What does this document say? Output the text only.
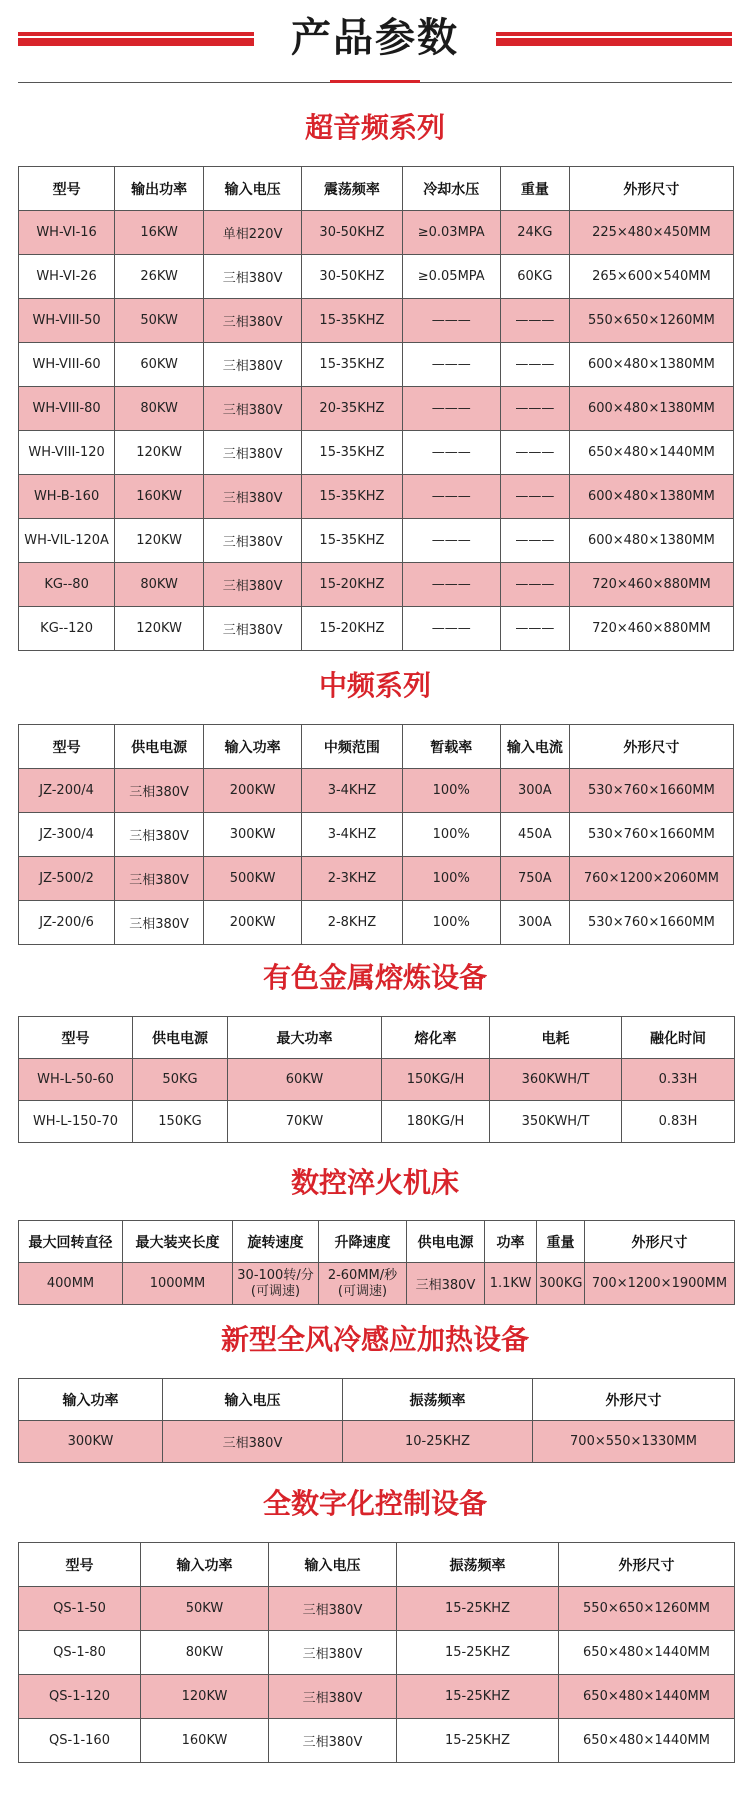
产品参数
超音频系列
型号	输出功率	输入电压	震荡频率	冷却水压	重量	外形尺寸
WH-VI-16	16KW	单相220V	30-50KHZ	≥0.03MPA	24KG	225×480×450MM
WH-VI-26	26KW	三相380V	30-50KHZ	≥0.05MPA	60KG	265×600×540MM
WH-VIII-50	50KW	三相380V	15-35KHZ	———	———	550×650×1260MM
WH-VIII-60	60KW	三相380V	15-35KHZ	———	———	600×480×1380MM
WH-VIII-80	80KW	三相380V	20-35KHZ	———	———	600×480×1380MM
WH-VIII-120	120KW	三相380V	15-35KHZ	———	———	650×480×1440MM
WH-B-160	160KW	三相380V	15-35KHZ	———	———	600×480×1380MM
WH-VIL-120A	120KW	三相380V	15-35KHZ	———	———	600×480×1380MM
KG--80	80KW	三相380V	15-20KHZ	———	———	720×460×880MM
KG--120	120KW	三相380V	15-20KHZ	———	———	720×460×880MM
中频系列
型号	供电电源	输入功率	中频范围	暂载率	输入电流	外形尺寸
JZ-200/4	三相380V	200KW	3-4KHZ	100%	300A	530×760×1660MM
JZ-300/4	三相380V	300KW	3-4KHZ	100%	450A	530×760×1660MM
JZ-500/2	三相380V	500KW	2-3KHZ	100%	750A	760×1200×2060MM
JZ-200/6	三相380V	200KW	2-8KHZ	100%	300A	530×760×1660MM
有色金属熔炼设备
型号	供电电源	最大功率	熔化率	电耗	融化时间
WH-L-50-60	50KG	60KW	150KG/H	360KWH/T	0.33H
WH-L-150-70	150KG	70KW	180KG/H	350KWH/T	0.83H
数控淬火机床
最大回转直径	最大装夹长度	旋转速度	升降速度	供电电源	功率	重量	外形尺寸
400MM	1000MM	30-100转/分 (可调速)	2-60MM/秒 (可调速)	三相380V	1.1KW	300KG	700×1200×1900MM
新型全风冷感应加热设备
输入功率	输入电压	振荡频率	外形尺寸
300KW	三相380V	10-25KHZ	700×550×1330MM
全数字化控制设备
型号	输入功率	输入电压	振荡频率	外形尺寸
QS-1-50	50KW	三相380V	15-25KHZ	550×650×1260MM
QS-1-80	80KW	三相380V	15-25KHZ	650×480×1440MM
QS-1-120	120KW	三相380V	15-25KHZ	650×480×1440MM
QS-1-160	160KW	三相380V	15-25KHZ	650×480×1440MM
